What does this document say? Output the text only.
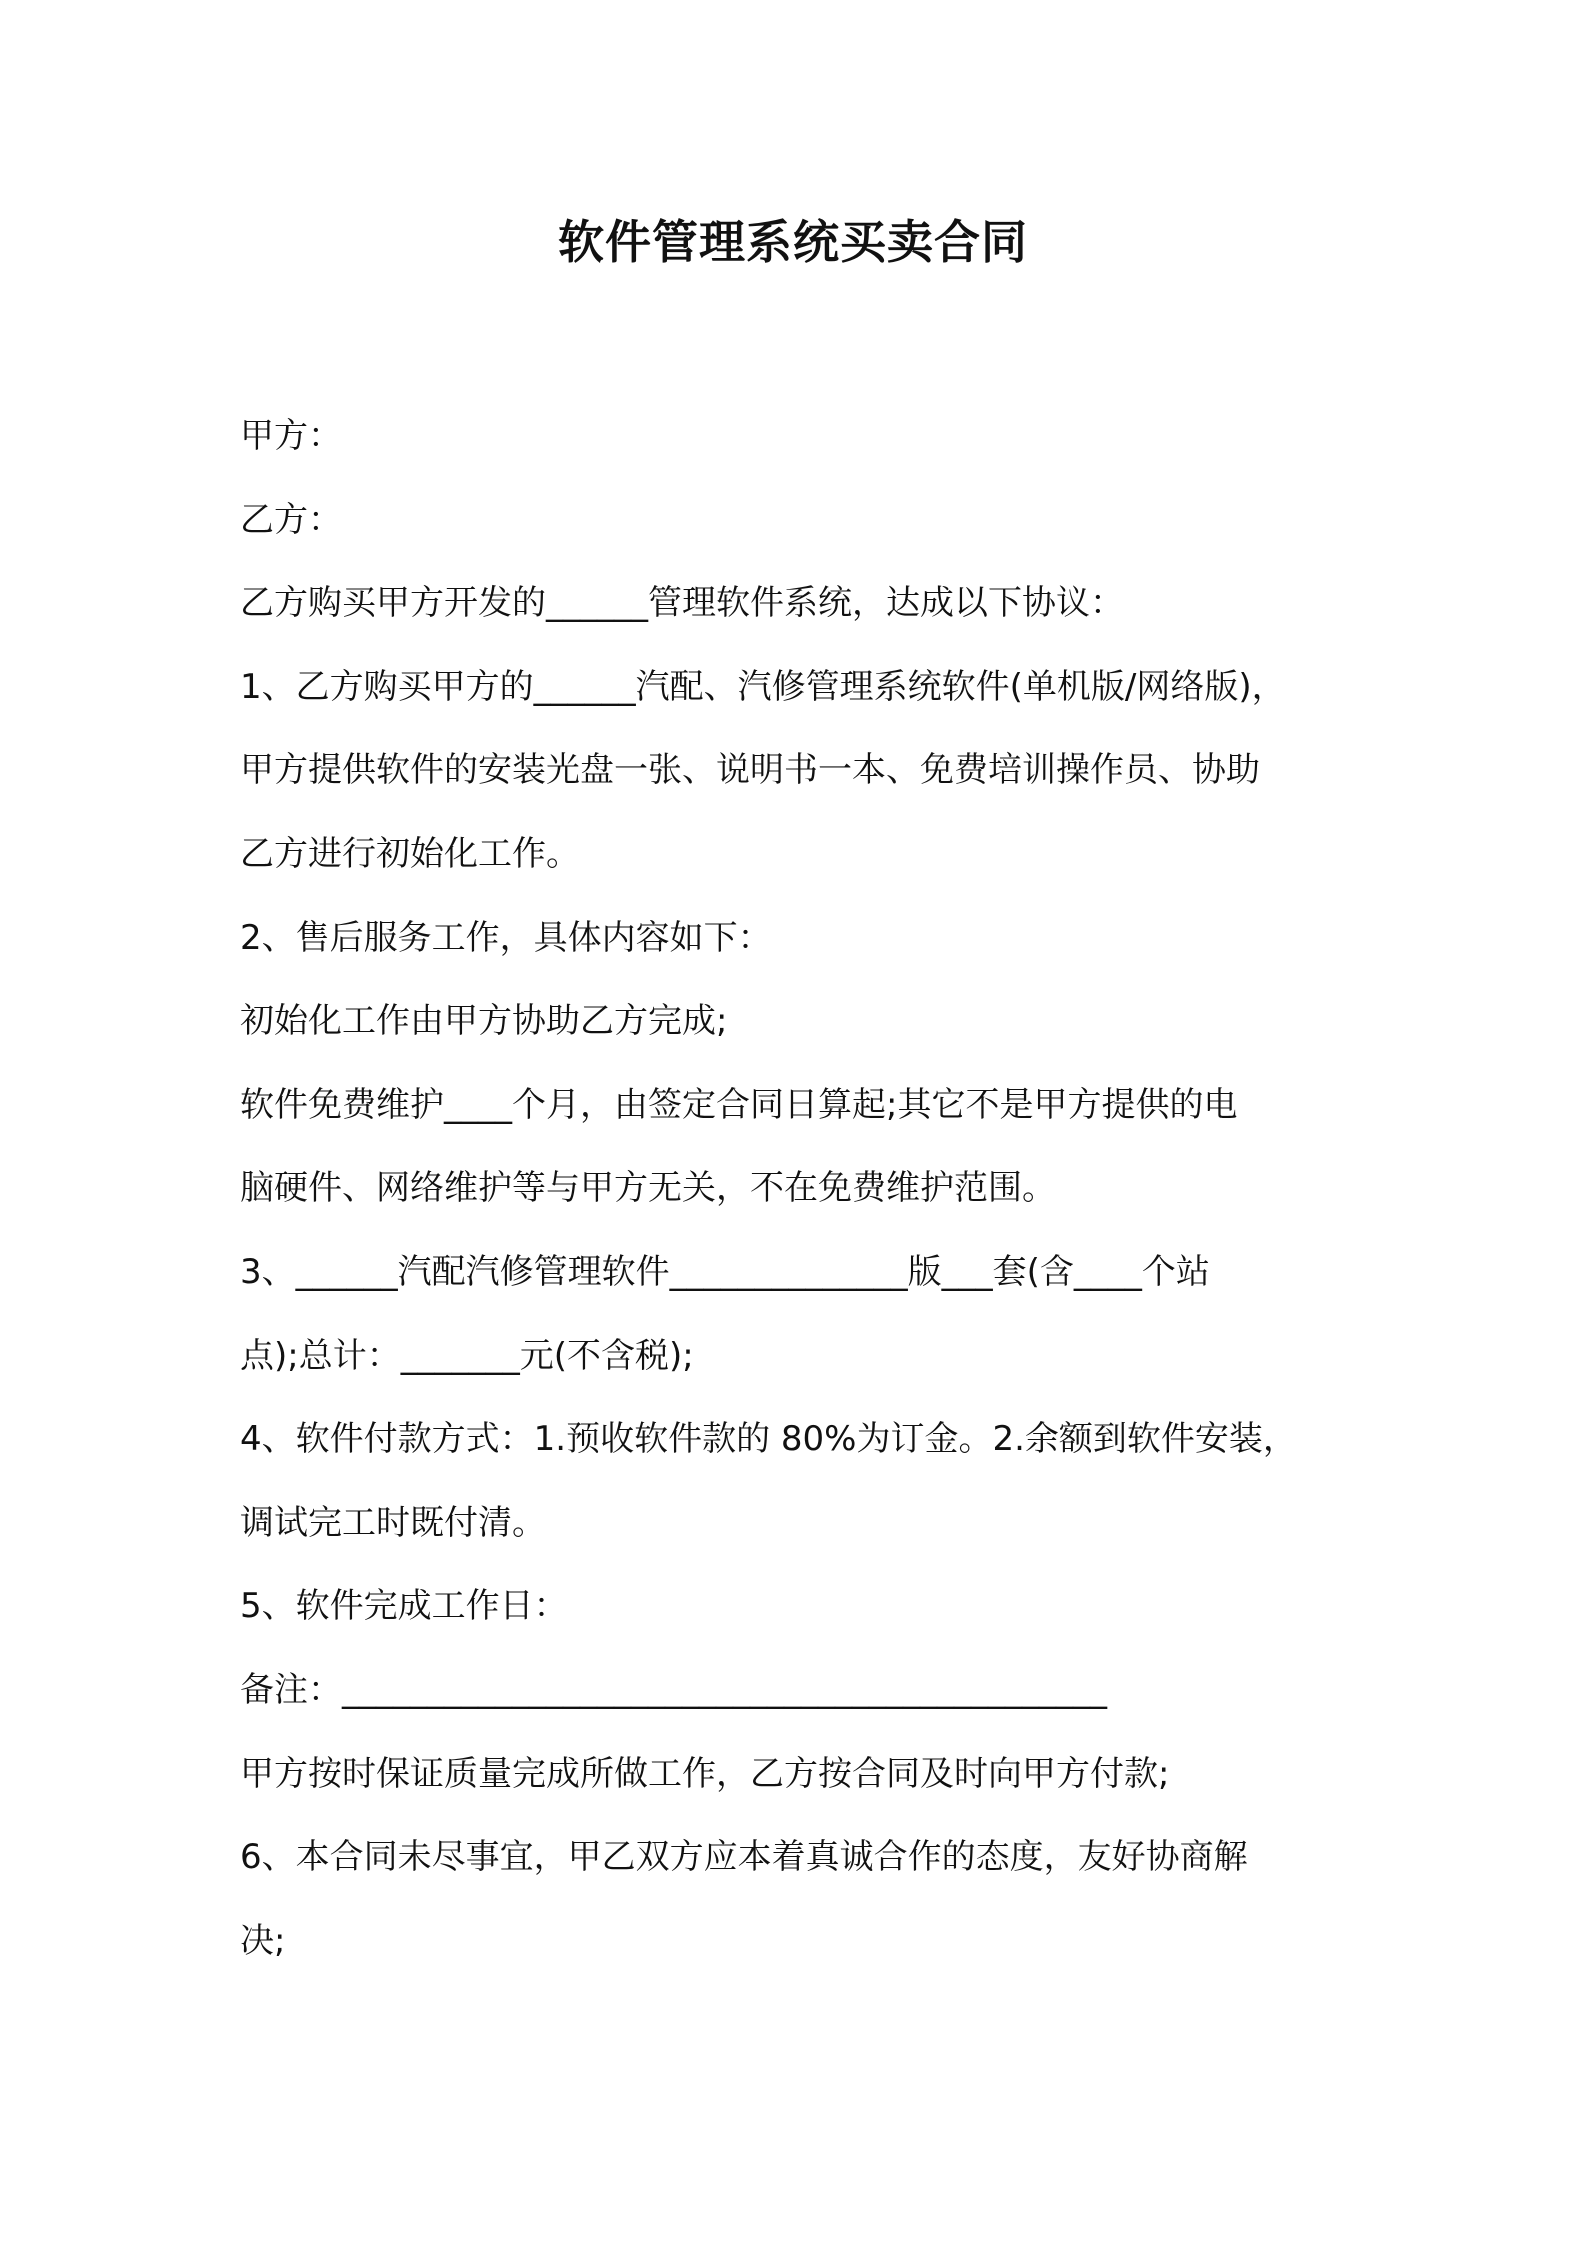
软件管理系统买卖合同
甲方：
乙方：
乙方购买甲方开发的______管理软件系统，达成以下协议：
1、乙方购买甲方的______汽配、汽修管理系统软件(单机版/网络版)，
甲方提供软件的安装光盘一张、说明书一本、免费培训操作员、协助
乙方进行初始化工作。
2、售后服务工作，具体内容如下：
初始化工作由甲方协助乙方完成;
软件免费维护____个月，由签定合同日算起;其它不是甲方提供的电
脑硬件、网络维护等与甲方无关，不在免费维护范围。
3、______汽配汽修管理软件______________版___套(含____个站
点);总计：_______元(不含税);
4、软件付款方式：1.预收软件款的 80%为订金。2.余额到软件安装，
调试完工时既付清。
5、软件完成工作日：
备注：_____________________________________________
甲方按时保证质量完成所做工作，乙方按合同及时向甲方付款;
6、本合同未尽事宜，甲乙双方应本着真诚合作的态度，友好协商解
决;
